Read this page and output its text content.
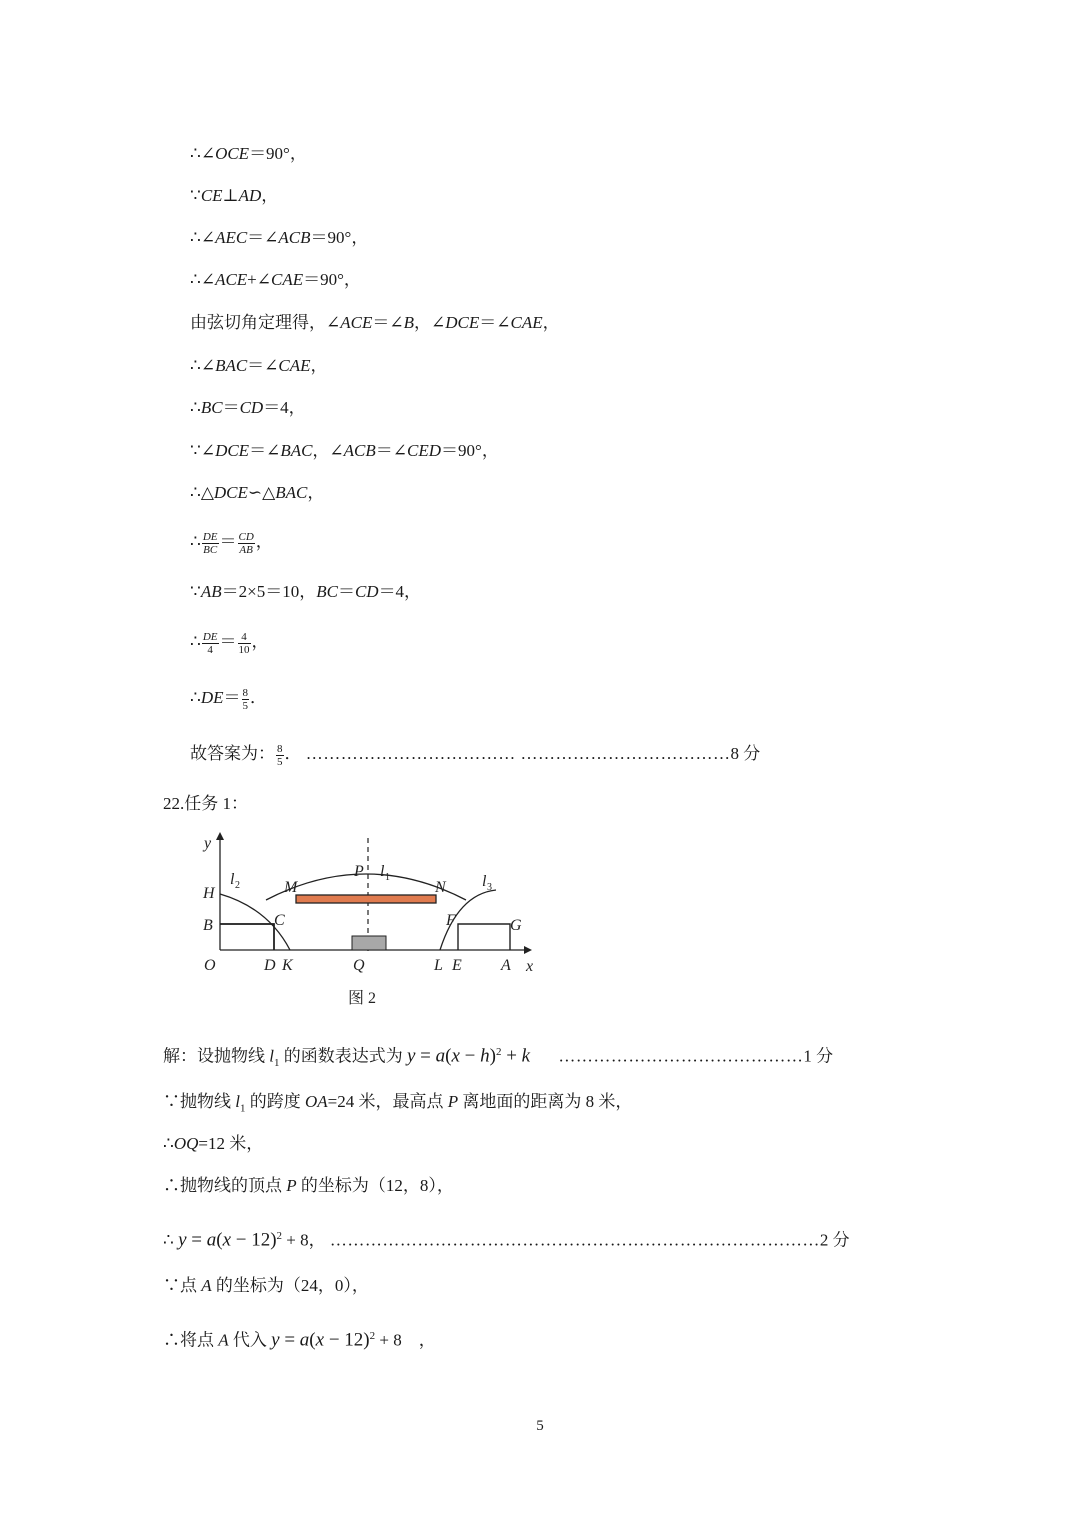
∴∠OCE＝90°，
∵CE⊥AD，
∴∠AEC＝∠ACB＝90°，
∴∠ACE+∠CAE＝90°，
由弦切角定理得，∠ACE＝∠B，∠DCE＝∠CAE，
∴∠BAC＝∠CAE，
∴BC＝CD＝4，
∵∠DCE＝∠BAC，∠ACB＝∠CED＝90°，
∴△DCE∽△BAC，
∴ $\frac{DE}{BC} = \frac{CD}{AB}$ ，
∵AB＝2×5＝10，BC＝CD＝4，
∴ $\frac{DE}{4} = \frac{4}{10}$ ，
∴DE＝ $\frac{8}{5}$ ．
故答案为： $\frac{8}{5}$ ． ……………………………… ………………………………8 分
22.任务 1：
y
x
H
B
O	D K
M
P
N
C
Q
F	G
L E A
l	l
l
2
1
3
图 2
解：设抛物线 $l_1$ 的函数表达式为 $y = a(x - h)^2 + k$ ……………………………………1 分
∵抛物线 $l_1$ 的跨度 OA=24 米，最高点 P 离地面的距离为 8 米，
∴OQ=12 米，
∴抛物线的顶点 P 的坐标为（12，8），
∴ $y = a(x - 12)^2 + 8$， …………………………………………………………………………2 分
∵点 A 的坐标为（24，0），
∴将点 A 代入 $y = a(x - 12)^2 + 8$　，
5
